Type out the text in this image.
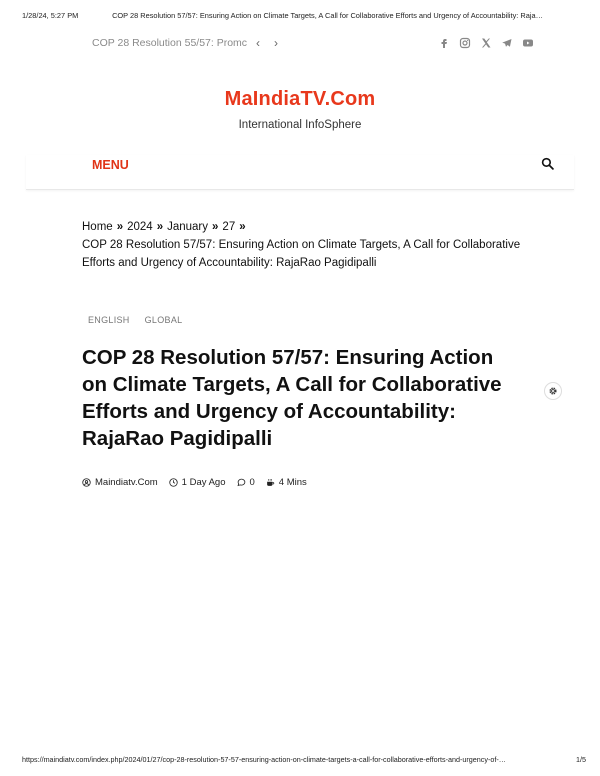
1/28/24, 5:27 PM	COP 28 Resolution 57/57: Ensuring Action on Climate Targets, A Call for Collaborative Efforts and Urgency of Accountability: Raja…
COP 28 Resolution 55/57: Promc ‹ ›
MaIndiaTV.Com
International InfoSphere
MENU
Home » 2024 » January » 27 »
COP 28 Resolution 57/57: Ensuring Action on Climate Targets, A Call for Collaborative Efforts and Urgency of Accountability: RajaRao Pagidipalli
ENGLISH GLOBAL
COP 28 Resolution 57/57: Ensuring Action on Climate Targets, A Call for Collaborative Efforts and Urgency of Accountability: RajaRao Pagidipalli
Maindiatv.Com	1 Day Ago	0	4 Mins
https://maindiatv.com/index.php/2024/01/27/cop-28-resolution-57-57-ensuring-action-on-climate-targets-a-call-for-collaborative-efforts-and-urgency-of-…	1/5
